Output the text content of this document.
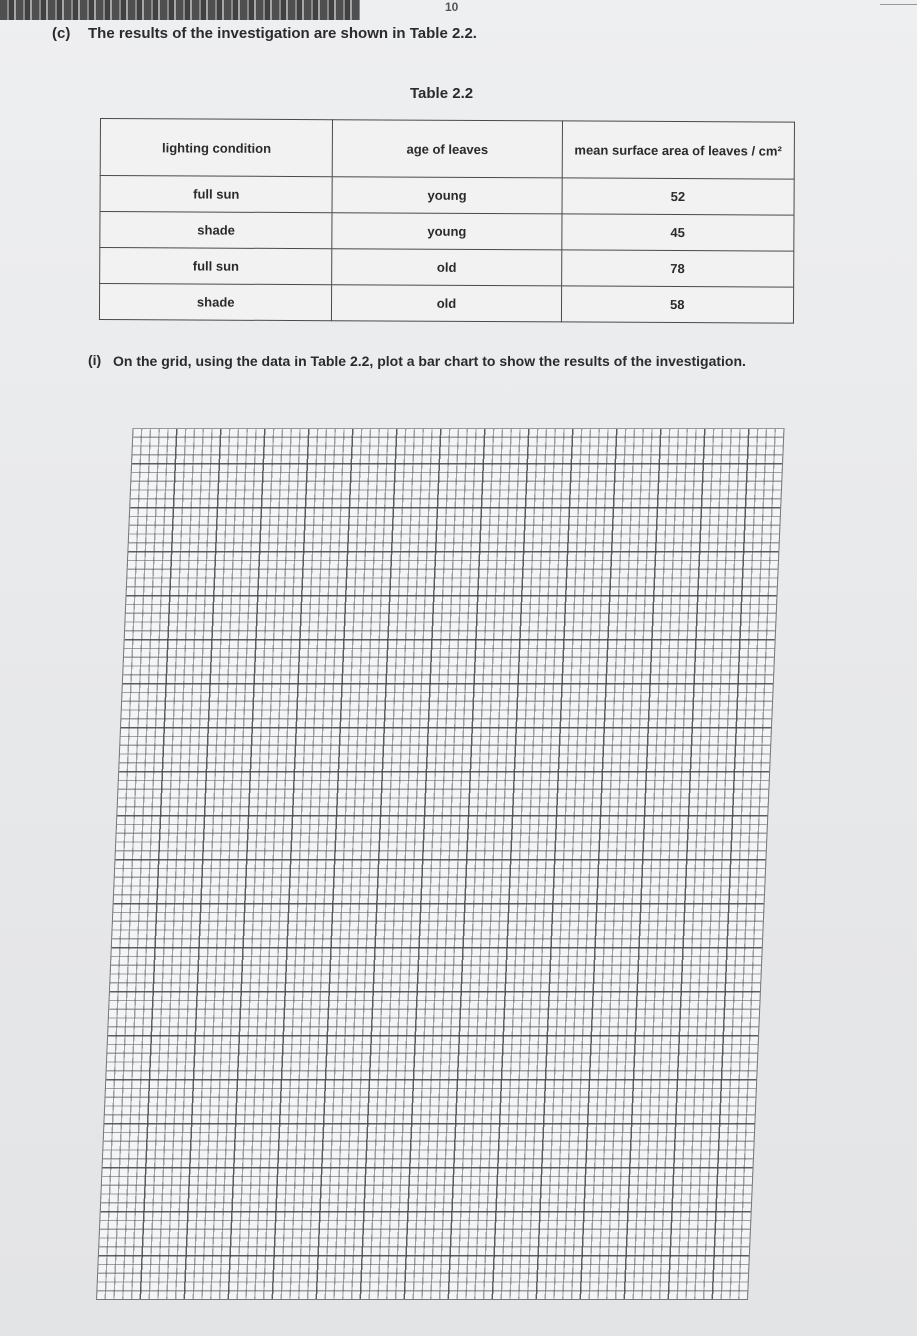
10
(c) The results of the investigation are shown in Table 2.2.
Table 2.2
lighting condition	age of leaves	mean surface area of leaves / cm²
full sun	young	52
shade	young	45
full sun	old	78
shade	old	58
(i) On the grid, using the data in Table 2.2, plot a bar chart to show the results of the investigation.
